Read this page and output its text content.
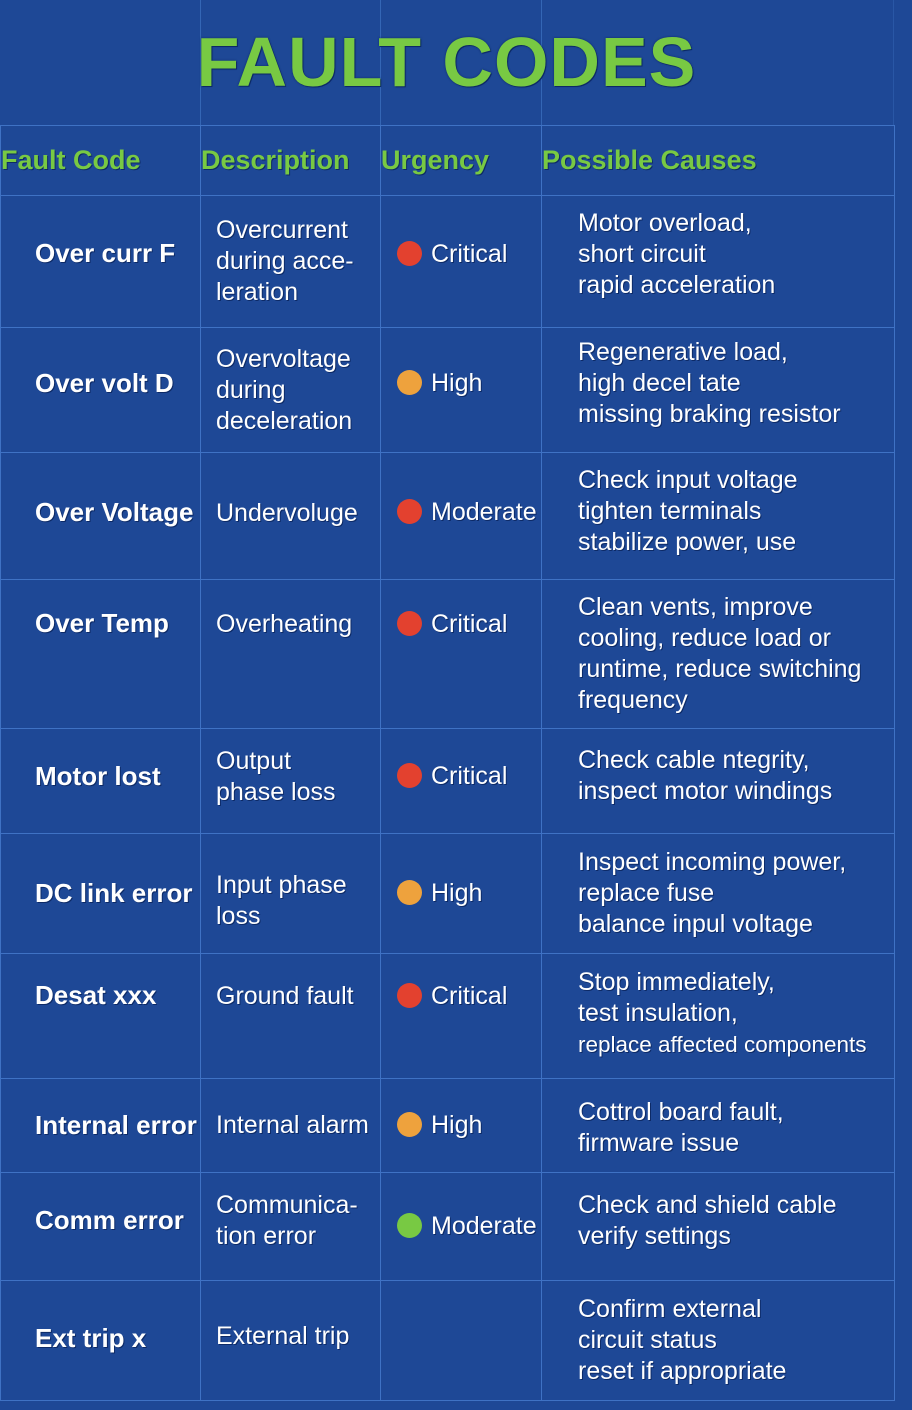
FAULT CODES
Fault Code	Description	Urgency	Possible Causes
Over curr F	Overcurrent
during acce-
leration	Critical	Motor overload,
short circuit
rapid acceleration

Over volt D	Overvoltage
during
deceleration	High	Regenerative load,
high decel tate
missing braking resistor

Over Voltage	Undervoluge	Moderate	Check input voltage
tighten terminals
stabilize power, use

Over Temp	Overheating	Critical	Clean vents, improve
cooling, reduce load or
runtime, reduce switching
frequency

Motor lost	Output
phase loss	Critical	Check cable ntegrity,
inspect motor windings

DC link error	Input phase
loss	High	Inspect incoming power,
replace fuse
balance inpul voltage

Desat xxx	Ground fault	Critical	Stop immediately,
test insulation,
replace affected components

Internal error	Internal alarm	High	Cottrol board fault,
firmware issue

Comm error	Communica-
tion error	Moderate	Check and shield cable
verify settings

Ext trip x	External trip		Confirm external
circuit status
reset if appropriate
